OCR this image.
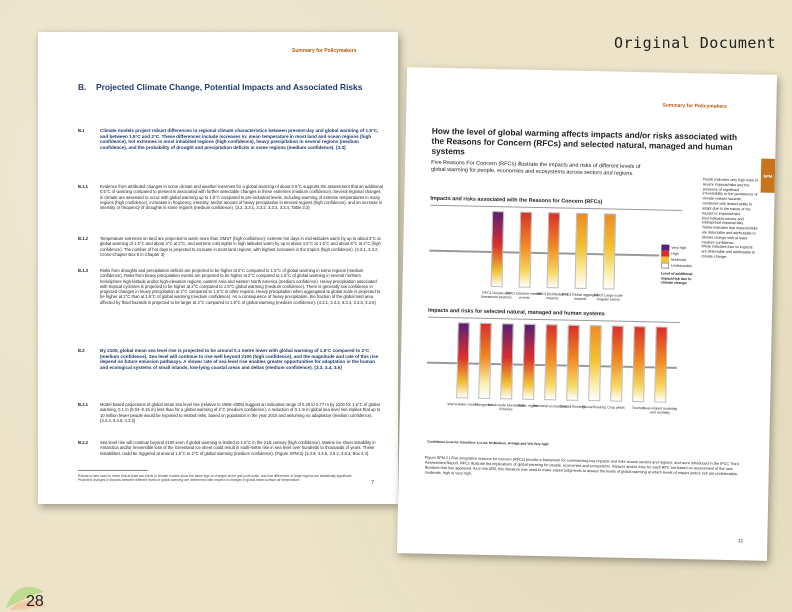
Original Document
Summary for Policymakers
B. Projected Climate Change, Potential Impacts and Associated Risks
B.1	Climate models project robust differences in regional climate characteristics between present-day and global warming of 1.5°C, and between 1.5°C and 2°C. These differences include increases in: mean temperature in most land and ocean regions (high confidence), hot extremes in most inhabited regions (high confidence), heavy precipitation in several regions (medium confidence), and the probability of drought and precipitation deficits in some regions (medium confidence). {3.3}
B.1.1	Evidence from attributed changes in some climate and weather extremes for a global warming of about 0.5°C supports the assessment that an additional 0.5°C of warming compared to present is associated with further detectable changes in these extremes (medium confidence). Several regional changes in climate are assessed to occur with global warming up to 1.5°C compared to pre-industrial levels, including warming of extreme temperatures in many regions (high confidence), increases in frequency, intensity, and/or amount of heavy precipitation in several regions (high confidence), and an increase in intensity or frequency of droughts in some regions (medium confidence). {3.2, 3.3.1, 3.3.2, 3.3.3, 3.3.4, Table 3.2}
B.1.2	Temperature extremes on land are projected to warm more than GMST (high confidence): extreme hot days in mid-latitudes warm by up to about 3°C at global warming of 1.5°C and about 4°C at 2°C, and extreme cold nights in high latitudes warm by up to about 4.5°C at 1.5°C and about 6°C at 2°C (high confidence). The number of hot days is projected to increase in most land regions, with highest increases in the tropics (high confidence). {3.3.1, 3.3.2, Cross-Chapter Box 8 in Chapter 3}
B.1.3	Risks from droughts and precipitation deficits are projected to be higher at 2°C compared to 1.5°C of global warming in some regions (medium confidence). Risks from heavy precipitation events are projected to be higher at 2°C compared to 1.5°C of global warming in several northern hemisphere high-latitude and/or high-elevation regions, eastern Asia and eastern North America (medium confidence). Heavy precipitation associated with tropical cyclones is projected to be higher at 2°C compared to 1.5°C global warming (medium confidence). There is generally low confidence in projected changes in heavy precipitation at 2°C compared to 1.5°C in other regions. Heavy precipitation when aggregated at global scale is projected to be higher at 2°C than at 1.5°C of global warming (medium confidence). As a consequence of heavy precipitation, the fraction of the global land area affected by flood hazards is projected to be larger at 2°C compared to 1.5°C of global warming (medium confidence). {3.3.1, 3.3.3, 3.3.4, 3.3.5, 3.3.6}
B.2	By 2100, global mean sea level rise is projected to be around 0.1 metre lower with global warming of 1.5°C compared to 2°C (medium confidence). Sea level will continue to rise well beyond 2100 (high confidence), and the magnitude and rate of this rise depend on future emission pathways. A slower rate of sea level rise enables greater opportunities for adaptation in the human and ecological systems of small islands, low-lying coastal areas and deltas (medium confidence). {3.3, 3.4, 3.6}
B.2.1	Model-based projections of global mean sea level rise (relative to 1986–2005) suggest an indicative range of 0.26 to 0.77 m by 2100 for 1.5°C of global warming, 0.1 m (0.04–0.16 m) less than for a global warming of 2°C (medium confidence). A reduction of 0.1 m in global sea level rise implies that up to 10 million fewer people would be exposed to related risks, based on population in the year 2010 and assuming no adaptation (medium confidence). {3.4.4, 3.4.5, 4.3.2}
B.2.2	Sea level rise will continue beyond 2100 even if global warming is limited to 1.5°C in the 21st century (high confidence). Marine ice sheet instability in Antarctica and/or irreversible loss of the Greenland ice sheet could result in multi-metre rise in sea level over hundreds to thousands of years. These instabilities could be triggered at around 1.5°C to 2°C of global warming (medium confidence). {Figure SPM.2} {3.3.9, 3.4.5, 3.5.2, 3.6.3, Box 3.3}
Robust is here used to mean that at least two thirds of climate models show the same sign of changes at the grid point scale, and that differences in large regions are statistically significant.
Projected changes in impacts between different levels of global warming are determined with respect to changes in global mean surface air temperature.
7
Summary for Policymakers
SPM
How the level of global warming affects impacts and/or risks associated with the Reasons for Concern (RFCs) and selected natural, managed and human systems
Five Reasons For Concern (RFCs) illustrate the impacts and risks of different levels of global warming for people, economies and ecosystems across sectors and regions.
Impacts and risks associated with the Reasons for Concern (RFCs)
RFC1 Unique and threatened systems
RFC2 Extreme weather events
RFC3 Distribution of impacts
RFC4 Global aggregate impacts
RFC5 Large-scale singular events
Very high
High
Moderate
Undetectable
Level of additional impact/risk due to climate change
Purple indicates very high risks of severe impacts/risks and the presence of significant irreversibility or the persistence of climate-related hazards, combined with limited ability to adapt due to the nature of the hazard or impacts/risks.
Red indicates severe and widespread impacts/risks.
Yellow indicates that impacts/risks are detectable and attributable to climate change with at least medium confidence.
White indicates that no impacts are detectable and attributable to climate change.
Impacts and risks for selected natural, managed and human systems
Warm-water corals
Mangroves
Small-scale low-latitude fisheries
Arctic region
Terrestrial ecosystems
Coastal flooding
Fluvial flooding Crop yields	Tourism
Heat-related morbidity and mortality
Confidence level for transition: L=Low, M=Medium, H=High and VH=Very high
Figure SPM.2 | Five integrative reasons for concern (RFCs) provide a framework for summarizing key impacts and risks across sectors and regions, and were introduced in the IPCC Third Assessment Report. RFCs illustrate the implications of global warming for people, economies and ecosystems. Impacts and/or risks for each RFC are based on assessment of the new literature that has appeared. As in the AR5, this literature was used to make expert judgments to assess the levels of global warming at which levels of impact and/or risk are undetectable, moderate, high or very high.
11
28
